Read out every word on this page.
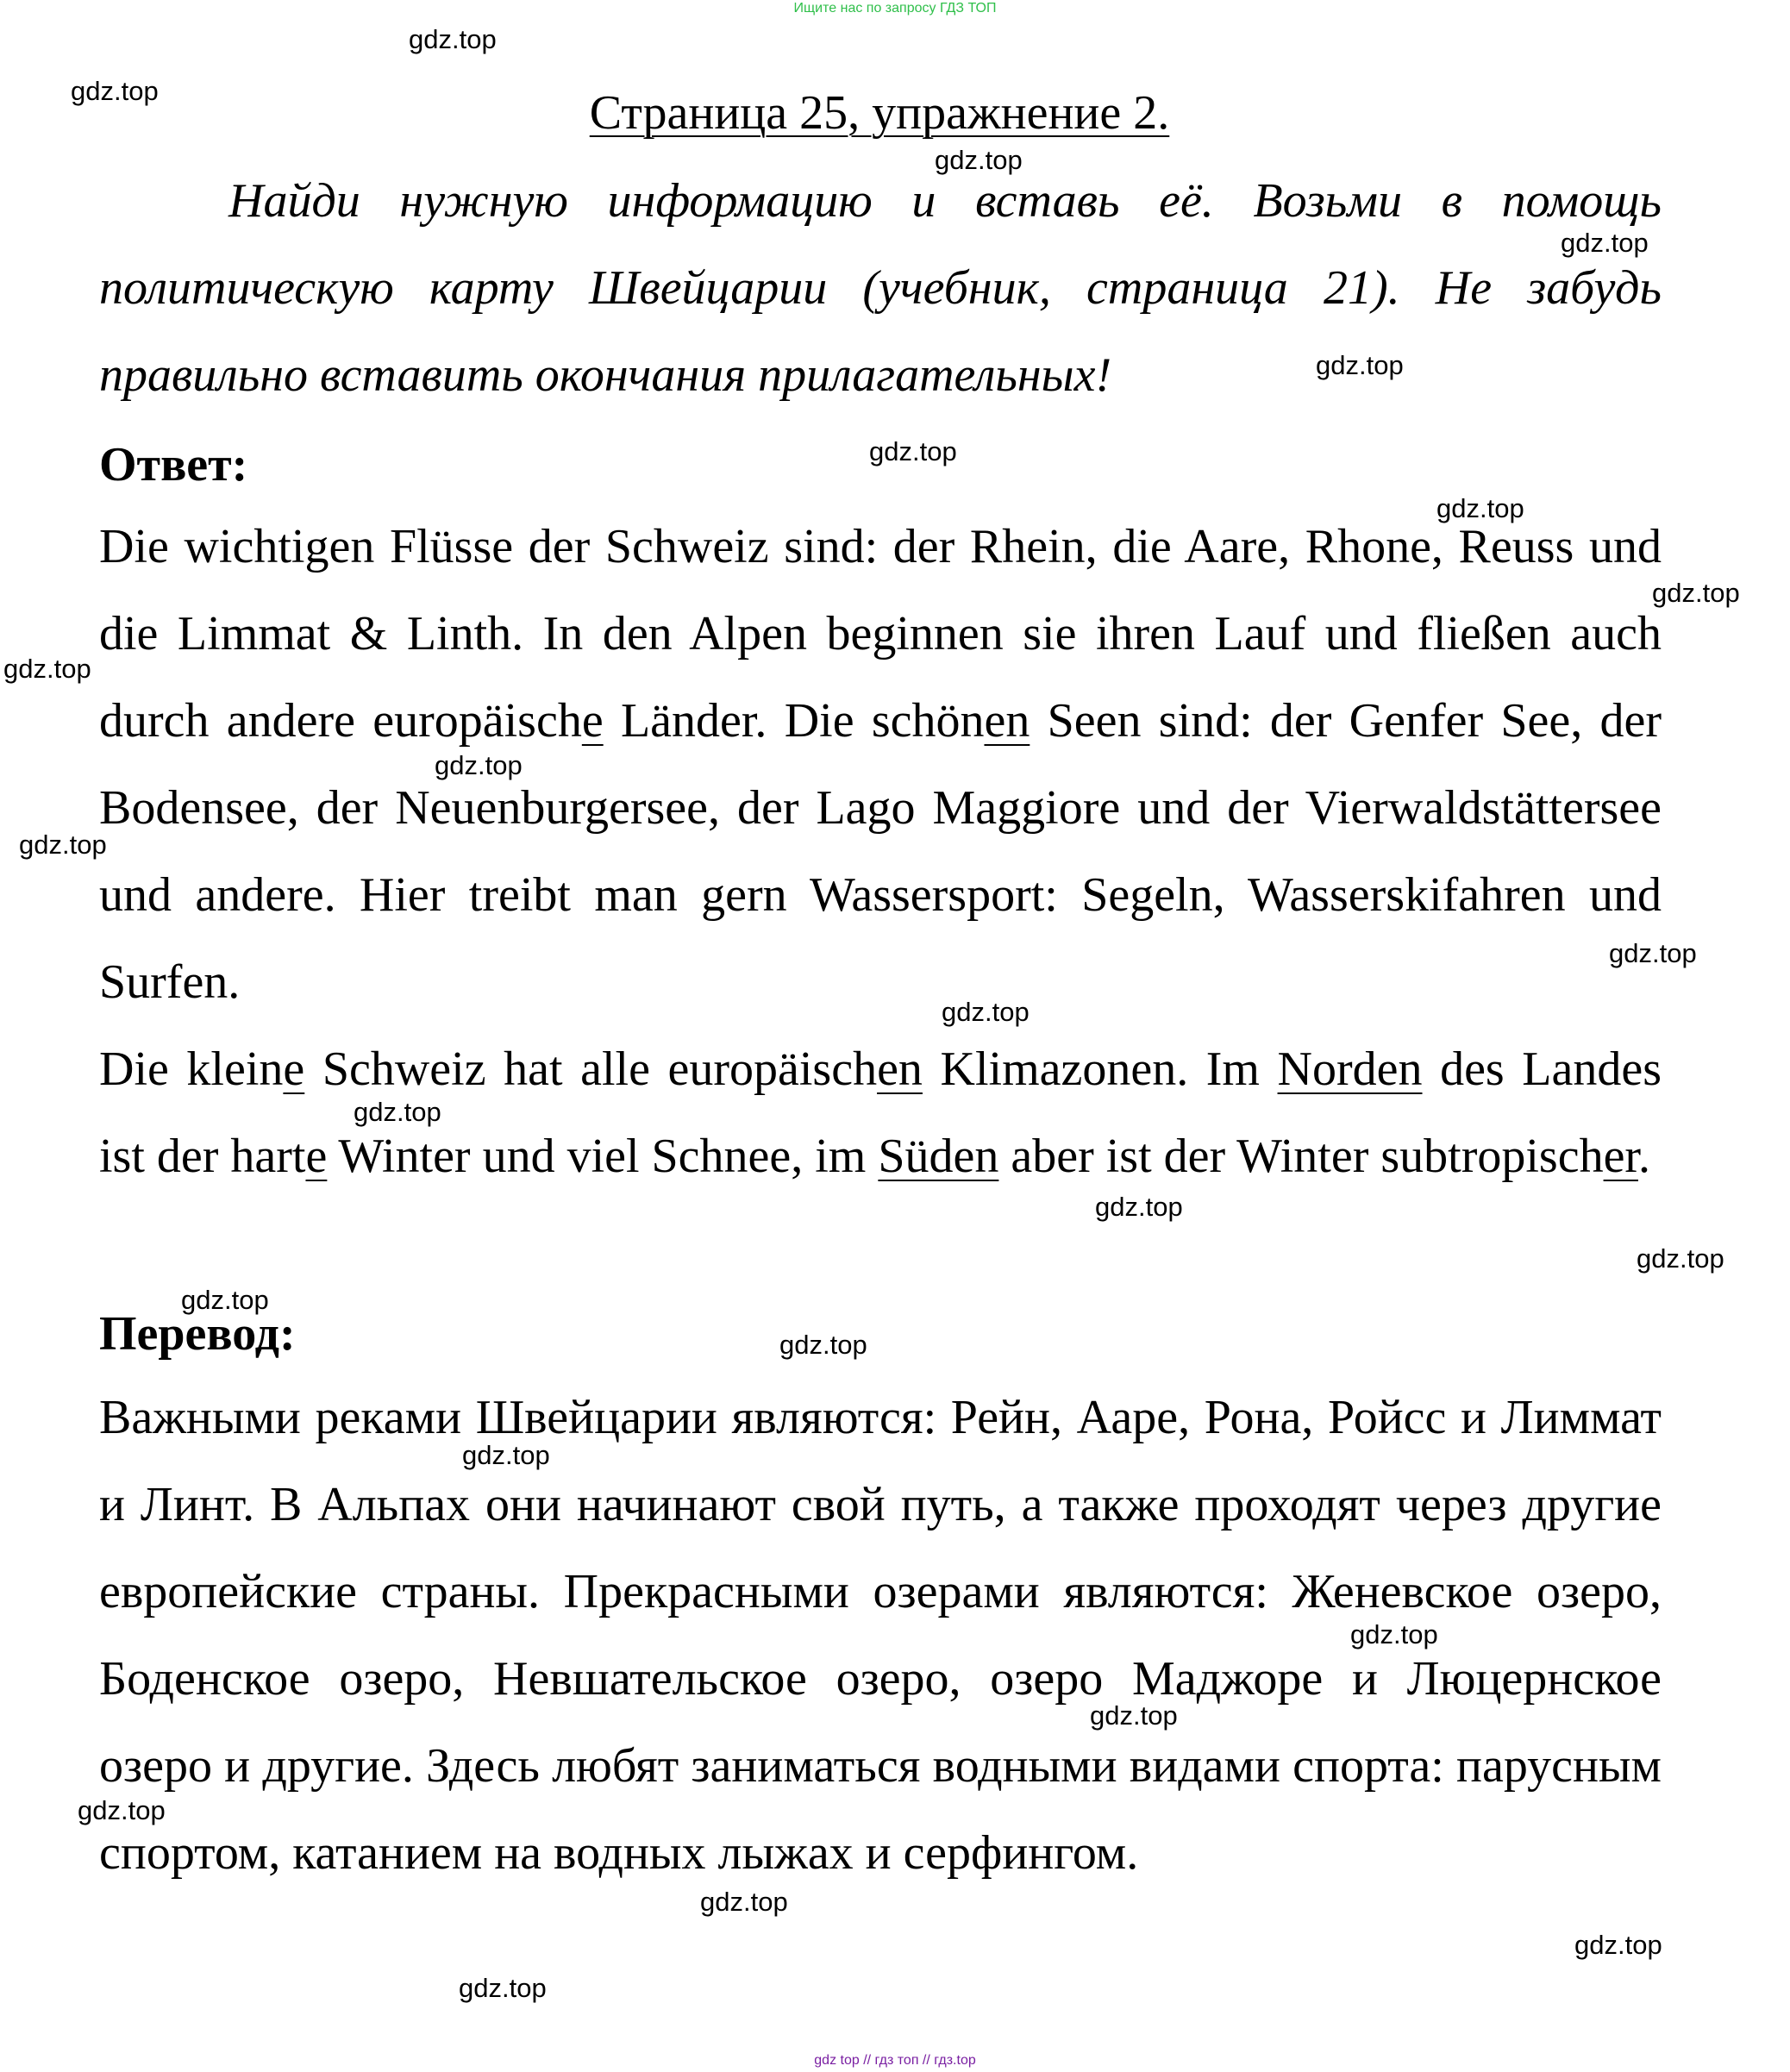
Ищите нас по запросу ГДЗ ТОП
Страница 25, упражнение 2.

Найди нужную информацию и вставь её. Возьми в помощь политическую карту Швейцарии (учебник, страница 21). Не забудь правильно вставить окончания прилагательных!

Ответ:

Die wichtigen Flüsse der Schweiz sind: der Rhein, die Aare, Rhone, Reuss und die Limmat & Linth. In den Alpen beginnen sie ihren Lauf und fließen auch durch andere europäische Länder. Die schönen Seen sind: der Genfer See, der Bodensee, der Neuenburgersee, der Lago Maggiore und der Vierwaldstättersee und andere. Hier treibt man gern Wassersport: Segeln, Wasserskifahren und Surfen.

Die kleine Schweiz hat alle europäischen Klimazonen. Im Norden des Landes ist der harte Winter und viel Schnee, im Süden aber ist der Winter subtropischer.

Перевод:

Важными реками Швейцарии являются: Рейн, Ааре, Рона, Ройсс и Лиммат и Линт. В Альпах они начинают свой путь, а также проходят через другие европейские страны. Прекрасными озерами являются: Женевское озеро, Боденское озеро, Невшательское озеро, озеро Маджоре и Люцернское озеро и другие. Здесь любят заниматься водными видами спорта: парусным спортом, катанием на водных лыжах и серфингом.

gdz top // гдз топ // гдз.top
gdz.top
gdz.top
gdz.top
gdz.top
gdz.top
gdz.top
gdz.top
gdz.top
gdz.top
gdz.top
gdz.top
gdz.top
gdz.top
gdz.top
gdz.top
gdz.top
gdz.top
gdz.top
gdz.top
gdz.top
gdz.top
gdz.top
gdz.top
gdz.top
gdz.top
